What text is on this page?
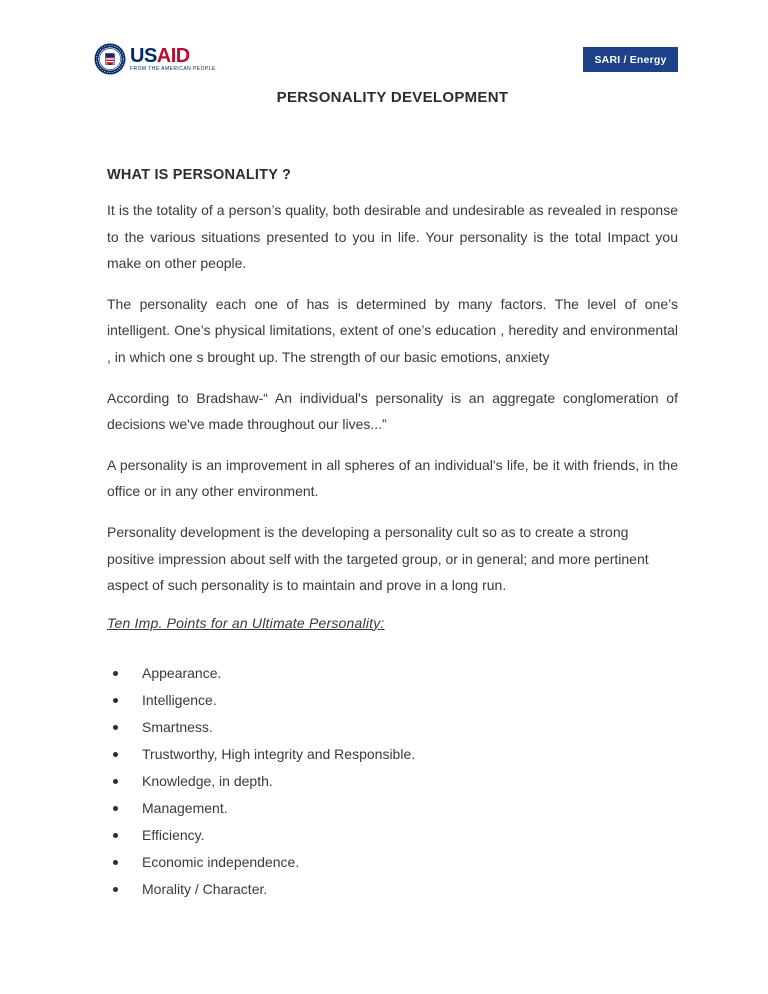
USAID
FROM THE AMERICAN PEOPLE
SARI / Energy
PERSONALITY DEVELOPMENT
WHAT IS PERSONALITY ?

It is the totality of a person’s quality, both desirable and undesirable as revealed in response to the various situations presented to you in life. Your personality is the total Impact you make on other people.

The personality each one of has is determined by many factors. The level of one’s intelligent. One’s physical limitations, extent of one’s education , heredity and environmental , in which one s brought up. The strength of our basic emotions, anxiety

According to Bradshaw-“ An individual's personality is an aggregate conglomeration of decisions we've made throughout our lives...”

A personality is an improvement in all spheres of an individual's life, be it with friends, in the office or in any other environment.

Personality development is the developing a personality cult so as to create a strong positive impression about self with the targeted group, or in general; and more pertinent aspect of such personality is to maintain and prove in a long run.

Ten Imp. Points for an Ultimate Personality:
Appearance.
Intelligence.
Smartness.
Trustworthy, High integrity and Responsible.
Knowledge, in depth.
Management.
Efficiency.
Economic independence.
Morality / Character.
